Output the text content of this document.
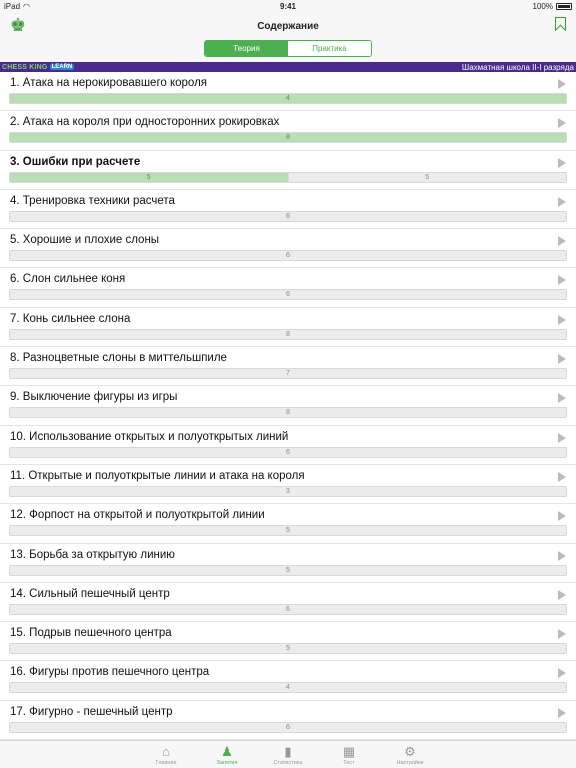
iPad ◠	9:41	100%
♚	Содержание
Теория	Практика
CHESS KING LEARN	Шахматная школа II-I разряда
1. Атака на нерокировавшего короля
4
2. Атака на короля при односторонних рокировках
8
3. Ошибки при расчете
5	5
4. Тренировка техники расчета
6
5. Хорошие и плохие слоны
6
6. Слон сильнее коня
6
7. Конь сильнее слона
8
8. Разноцветные слоны в миттельшпиле
7
9. Выключение фигуры из игры
8
10. Использование открытых и полуоткрытых линий
6
11. Открытые и полуоткрытые линии и атака на короля
3
12. Форпост на открытой и полуоткрытой линии
5
13. Борьба за открытую линию
5
14. Сильный пешечный центр
6
15. Подрыв пешечного центра
5
16. Фигуры против пешечного центра
4
17. Фигурно - пешечный центр
6
⌂
Главная
♟
Занятия
▮
Статистика
▦
Тест
⚙
Настройки
